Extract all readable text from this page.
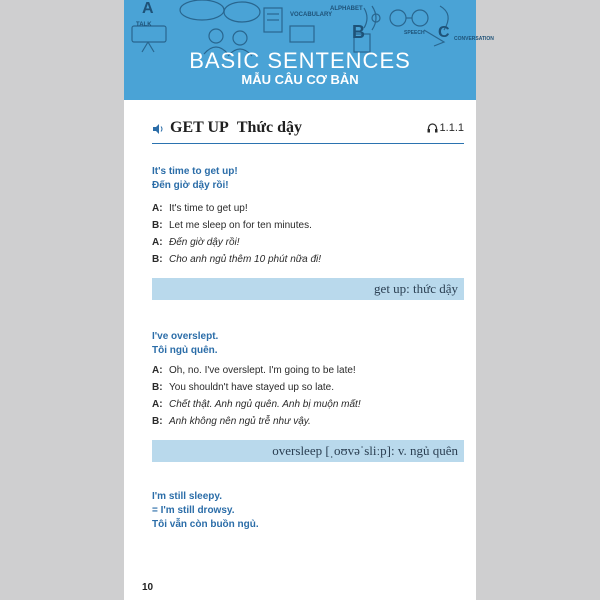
A
TALK
VOCABULARY
ALPHABET
B	SPEECH C CONVERSATION
BASIC SENTENCES
MẪU CÂU CƠ BẢN
GET UP Thức dậy	1.1.1
It's time to get up!
Đến giờ dậy rồi!
A: It's time to get up!
B: Let me sleep on for ten minutes.
A: Đến giờ dậy rồi!
B: Cho anh ngủ thêm 10 phút nữa đi!
get up: thức dậy
I've overslept.
Tôi ngủ quên.
A: Oh, no. I've overslept. I'm going to be late!
B: You shouldn't have stayed up so late.
A: Chết thật. Anh ngủ quên. Anh bị muộn mất!
B: Anh không nên ngủ trễ như vậy.
oversleep [ˌoʊvəˈsliːp]: v. ngủ quên
I'm still sleepy.
= I'm still drowsy.
Tôi vẫn còn buồn ngủ.
10
